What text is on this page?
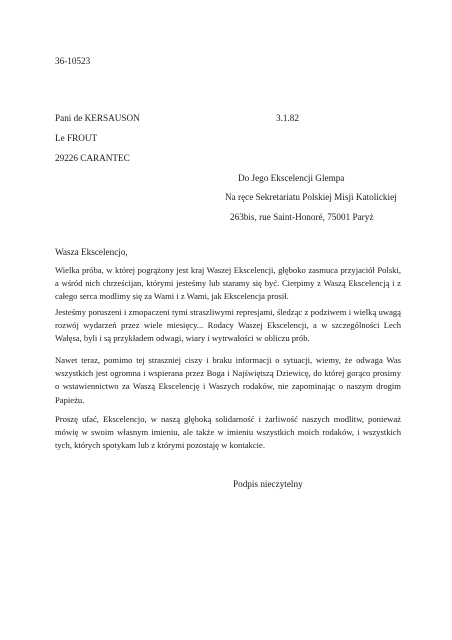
36-10523
Pani de KERSAUSON	3.1.82
Le FROUT
29226 CARANTEC
Do Jego Ekscelencji Glempa
Na ręce Sekretariatu Polskiej Misji Katolickiej
263bis, rue Saint-Honoré, 75001 Paryż
Wasza Ekscelencjo,
Wielka próba, w której pogrążony jest kraj Waszej Ekscelencji, głęboko zasmuca przyjaciół Polski, a wśród nich chrześcijan, którymi jesteśmy lub staramy się być. Cierpimy z Waszą Ekscelencją i z całego serca modlimy się za Wami i z Wami, jak Ekscelencja prosił.
Jesteśmy poruszeni i zmopaczeni tymi straszliwymi represjami, śledząc z podziwem i wielką uwagą rozwój wydarzeń przez wiele miesięcy... Rodacy Waszej Ekscelencji, a w szczególności Lech Wałęsa, byli i są przykładem odwagi, wiary i wytrwałości w obliczu prób.
Nawet teraz, pomimo tej straszniej ciszy i braku informacji o sytuacji, wiemy, że odwaga Was wszystkich jest ogromna i wspierana przez Boga i Najświętszą Dziewicę, do której gorąco prosimy o wstawiennictwo za Waszą Ekscelencję i Waszych rodaków, nie zapominając o naszym drogim Papieżu.
Proszę ufać, Ekscelencjo, w naszą głęboką solidarność i żarliwość naszych modlitw, ponieważ mówię w swoim własnym imieniu, ale także w imieniu wszystkich moich rodaków, i wszystkich tych, których spotykam lub z którymi pozostaję w kontakcie.
Podpis nieczytelny
